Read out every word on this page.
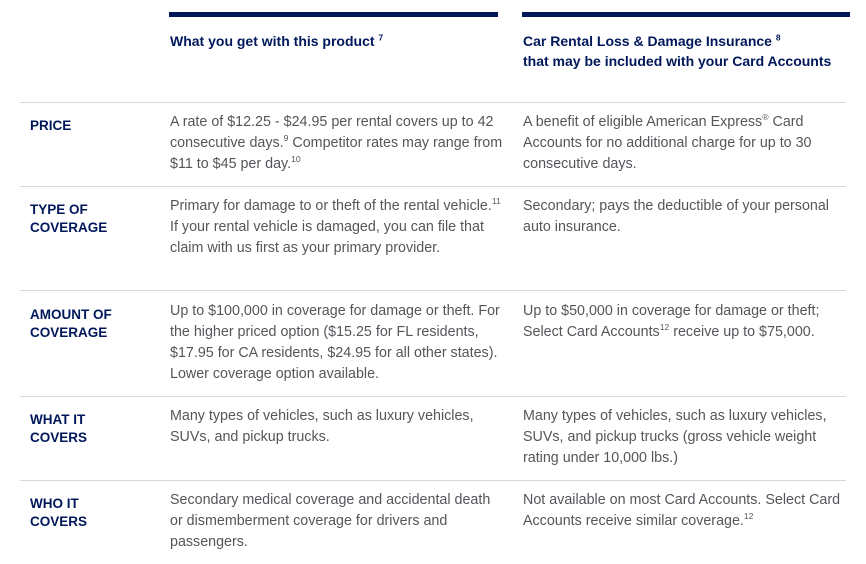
What you get with this product $^7$	Car Rental Loss & Damage Insurance $^8$
that may be included with your Card Accounts
PRICE	A rate of $12.25 - $24.95 per rental covers up to 42 consecutive days.$^9$ Competitor rates may range from $11 to $45 per day.$^{10}$
A benefit of eligible American Express® Card Accounts for no additional charge for up to 30 consecutive days.
TYPE OF
COVERAGE
Primary for damage to or theft of the rental vehicle.$^{11}$ If your rental vehicle is damaged, you can file that claim with us first as your primary provider.
Secondary; pays the deductible of your personal auto insurance.
AMOUNT OF
COVERAGE
Up to $100,000 in coverage for damage or theft. For the higher priced option ($15.25 for FL residents, $17.95 for CA residents, $24.95 for all other states). Lower coverage option available.
Up to $50,000 in coverage for damage or theft; Select Card Accounts$^{12}$ receive up to $75,000.
WHAT IT
COVERS
Many types of vehicles, such as luxury vehicles, SUVs, and pickup trucks.
Many types of vehicles, such as luxury vehicles, SUVs, and pickup trucks (gross vehicle weight rating under 10,000 lbs.)
WHO IT
COVERS
Secondary medical coverage and accidental death or dismemberment coverage for drivers and passengers.
Not available on most Card Accounts. Select Card Accounts receive similar coverage.$^{12}$
